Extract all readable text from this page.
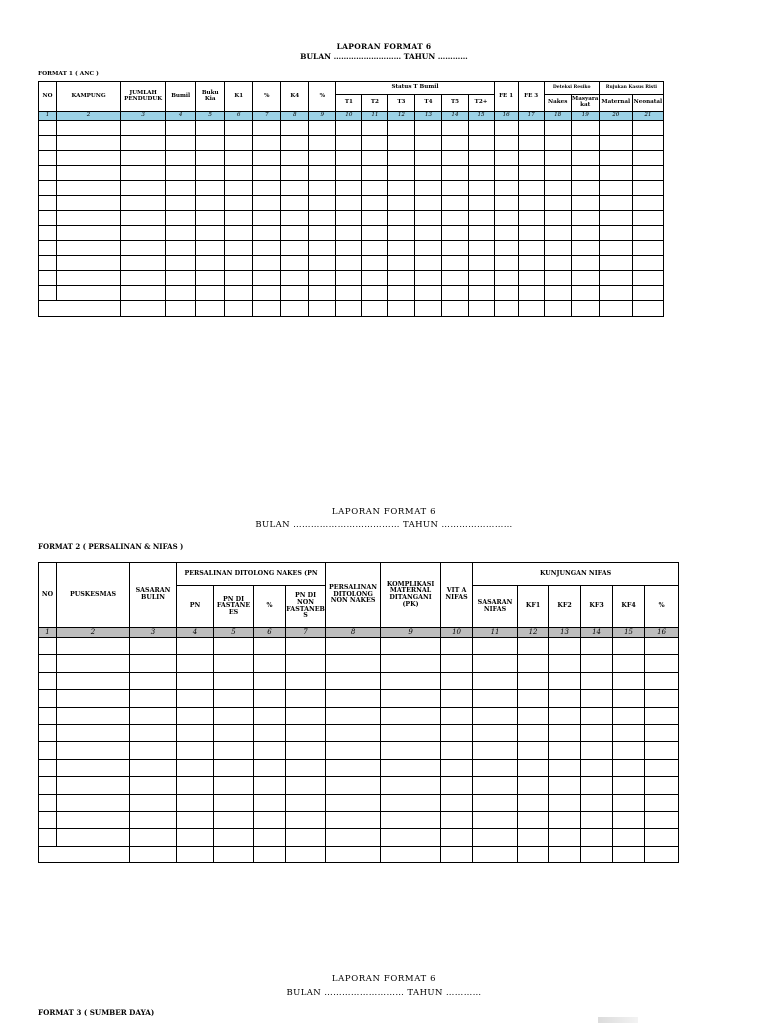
LAPORAN FORMAT 6
BULAN ……………………… TAHUN …………
FORMAT 1 ( ANC )
NO	KAMPUNG	JUMLAH PENDUDUK	Bumil	Buku Kia	K1	%	K4	%	Status T Bumil						FE 1	FE 3	Deteksi Resiko		Rujukan Kasus Risti	
									T1	T2	T3	T4	T5	T2+			Nakes	Masyara kat	Maternal	Neonatal
1	2	3	4	5	6	7	8	9	10	11	12	13	14	15	16	17	18	19	20	21

LAPORAN FORMAT 6
BULAN ……………………………… TAHUN ……………………
FORMAT 2 ( PERSALINAN & NIFAS )
NO	PUSKESMAS	SASARAN BULIN	PERSALINAN DITOLONG NAKES (PN				PERSALINAN DITOLONG NON NAKES	KOMPLIKASI MATERNAL DITANGANI (PK)	VIT A NIFAS	KUNJUNGAN NIFAS					
			PN	PN DI FASTANE ES	%	PN DI NON FASTANEB S				SASARAN NIFAS	KF1	KF2	KF3	KF4	%
1	2	3	4	5	6	7	8	9	10	11	12	13	14	15	16

LAPORAN FORMAT 6
BULAN ……………………… TAHUN …………
FORMAT 3 ( SUMBER DAYA)
